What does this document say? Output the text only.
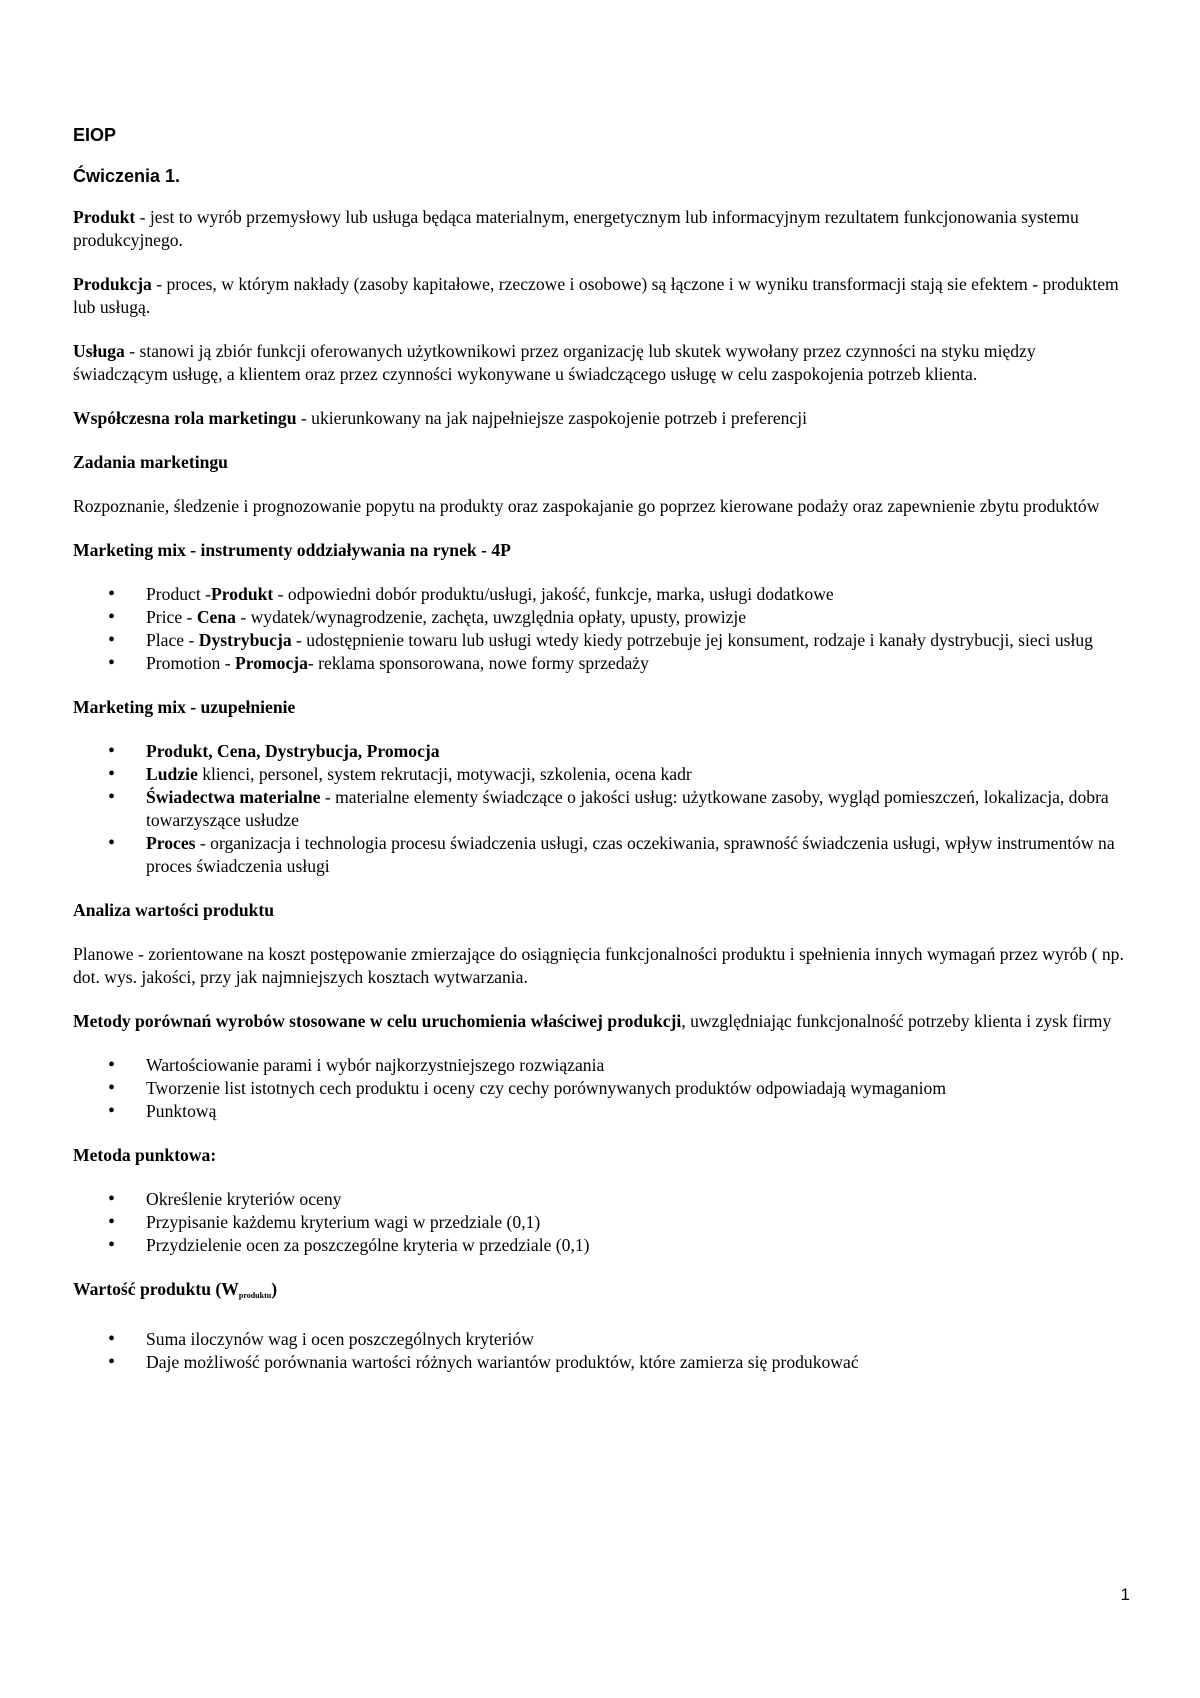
EIOP
Ćwiczenia 1.

Produkt - jest to wyrób przemysłowy lub usługa będąca materialnym, energetycznym lub informacyjnym rezultatem funkcjonowania systemu produkcyjnego.

Produkcja - proces, w którym nakłady (zasoby kapitałowe, rzeczowe i osobowe) są łączone i w wyniku transformacji stają sie efektem - produktem lub usługą.

Usługa - stanowi ją zbiór funkcji oferowanych użytkownikowi przez organizację lub skutek wywołany przez czynności na styku między świadczącym usługę, a klientem oraz przez czynności wykonywane u świadczącego usługę w celu zaspokojenia potrzeb klienta.

Współczesna rola marketingu - ukierunkowany na jak najpełniejsze zaspokojenie potrzeb i preferencji

Zadania marketingu

Rozpoznanie, śledzenie i prognozowanie popytu na produkty oraz zaspokajanie go poprzez kierowane podaży oraz zapewnienie zbytu produktów

Marketing mix - instrumenty oddziaływania na rynek - 4P
• Product -Produkt - odpowiedni dobór produktu/usługi, jakość, funkcje, marka, usługi dodatkowe
• Price - Cena - wydatek/wynagrodzenie, zachęta, uwzględnia opłaty, upusty, prowizje
• Place - Dystrybucja - udostępnienie towaru lub usługi wtedy kiedy potrzebuje jej konsument, rodzaje i kanały dystrybucji, sieci usług
• Promotion - Promocja- reklama sponsorowana, nowe formy sprzedaży
Marketing mix - uzupełnienie
• Produkt, Cena, Dystrybucja, Promocja
• Ludzie klienci, personel, system rekrutacji, motywacji, szkolenia, ocena kadr
• Świadectwa materialne - materialne elementy świadczące o jakości usług: użytkowane zasoby, wygląd pomieszczeń, lokalizacja, dobra towarzyszące usłudze
• Proces - organizacja i technologia procesu świadczenia usługi, czas oczekiwania, sprawność świadczenia usługi, wpływ instrumentów na proces świadczenia usługi
Analiza wartości produktu

Planowe - zorientowane na koszt postępowanie zmierzające do osiągnięcia funkcjonalności produktu i spełnienia innych wymagań przez wyrób ( np. dot. wys. jakości, przy jak najmniejszych kosztach wytwarzania.

Metody porównań wyrobów stosowane w celu uruchomienia właściwej produkcji, uwzględniając funkcjonalność potrzeby klienta i zysk firmy

• Wartościowanie parami i wybór najkorzystniejszego rozwiązania
• Tworzenie list istotnych cech produktu i oceny czy cechy porównywanych produktów odpowiadają wymaganiom
• Punktową
Metoda punktowa:
• Określenie kryteriów oceny
• Przypisanie każdemu kryterium wagi w przedziale (0,1)
• Przydzielenie ocen za poszczególne kryteria w przedziale (0,1)
Wartość produktu $(W_{produktu})$
• Suma iloczynów wag i ocen poszczególnych kryteriów
• Daje możliwość porównania wartości różnych wariantów produktów, które zamierza się produkować
1
